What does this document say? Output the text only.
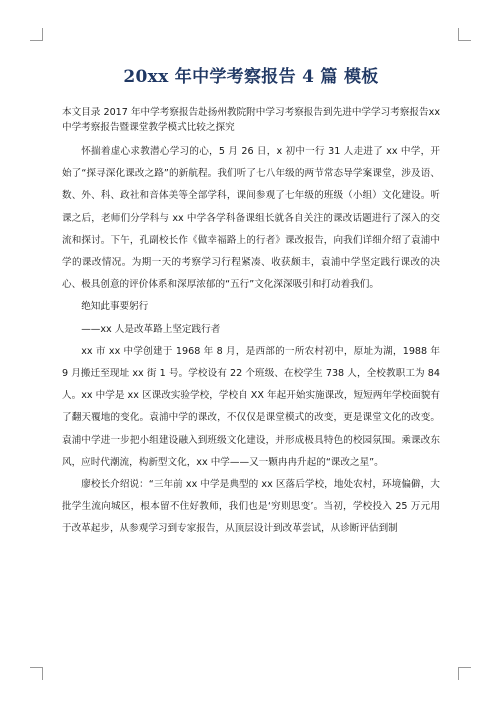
20xx 年中学考察报告 4 篇 模板
本文目录 2017 年中学考察报告赴扬州教院附中学习考察报告到先进中学学习考察报告xx 中学考察报告暨课堂教学模式比较之探究

怀揣着虚心求教潜心学习的心，5 月 26 日，x 初中一行 31 人走进了 xx 中学，开始了“探寻深化课改之路”的新航程。我们听了七八年级的两节常态导学案课堂，涉及语、数、外、科、政社和音体美等全部学科，课间参观了七年级的班级（小组）文化建设。听课之后，老师们分学科与 xx 中学各学科备课组长就各自关注的课改话题进行了深入的交流和探讨。下午，孔副校长作《做幸福路上的行者》课改报告，向我们详细介绍了袁浦中学的课改情况。为期一天的考察学习行程紧凑、收获颇丰，袁浦中学坚定践行课改的决心、极具创意的评价体系和深厚浓郁的“五行”文化深深吸引和打动着我们。

绝知此事要躬行

——xx 人是改革路上坚定践行者

xx 市 xx 中学创建于 1968 年 8 月，是西部的一所农村初中，原址为湖，1988 年 9 月搬迁至现址 xx 街 1 号。学校设有 22 个班级、在校学生 738 人，全校教职工为 84 人。xx 中学是 xx 区课改实验学校，学校自 XX 年起开始实施课改，短短两年学校面貌有了翻天覆地的变化。袁浦中学的课改，不仅仅是课堂模式的改变，更是课堂文化的改变。袁浦中学进一步把小组建设融入到班级文化建设，并形成极具特色的校园氛围。乘课改东风，应时代潮流，构新型文化，xx 中学——又一颗冉冉升起的“课改之星”。

廖校长介绍说：“三年前 xx 中学是典型的 xx 区落后学校，地处农村，环境偏僻，大批学生流向城区，根本留不住好教师，我们也是‘穷则思变’。当初，学校投入 25 万元用于改革起步，从参观学习到专家报告，从顶层设计到改革尝试，从诊断评估到制
